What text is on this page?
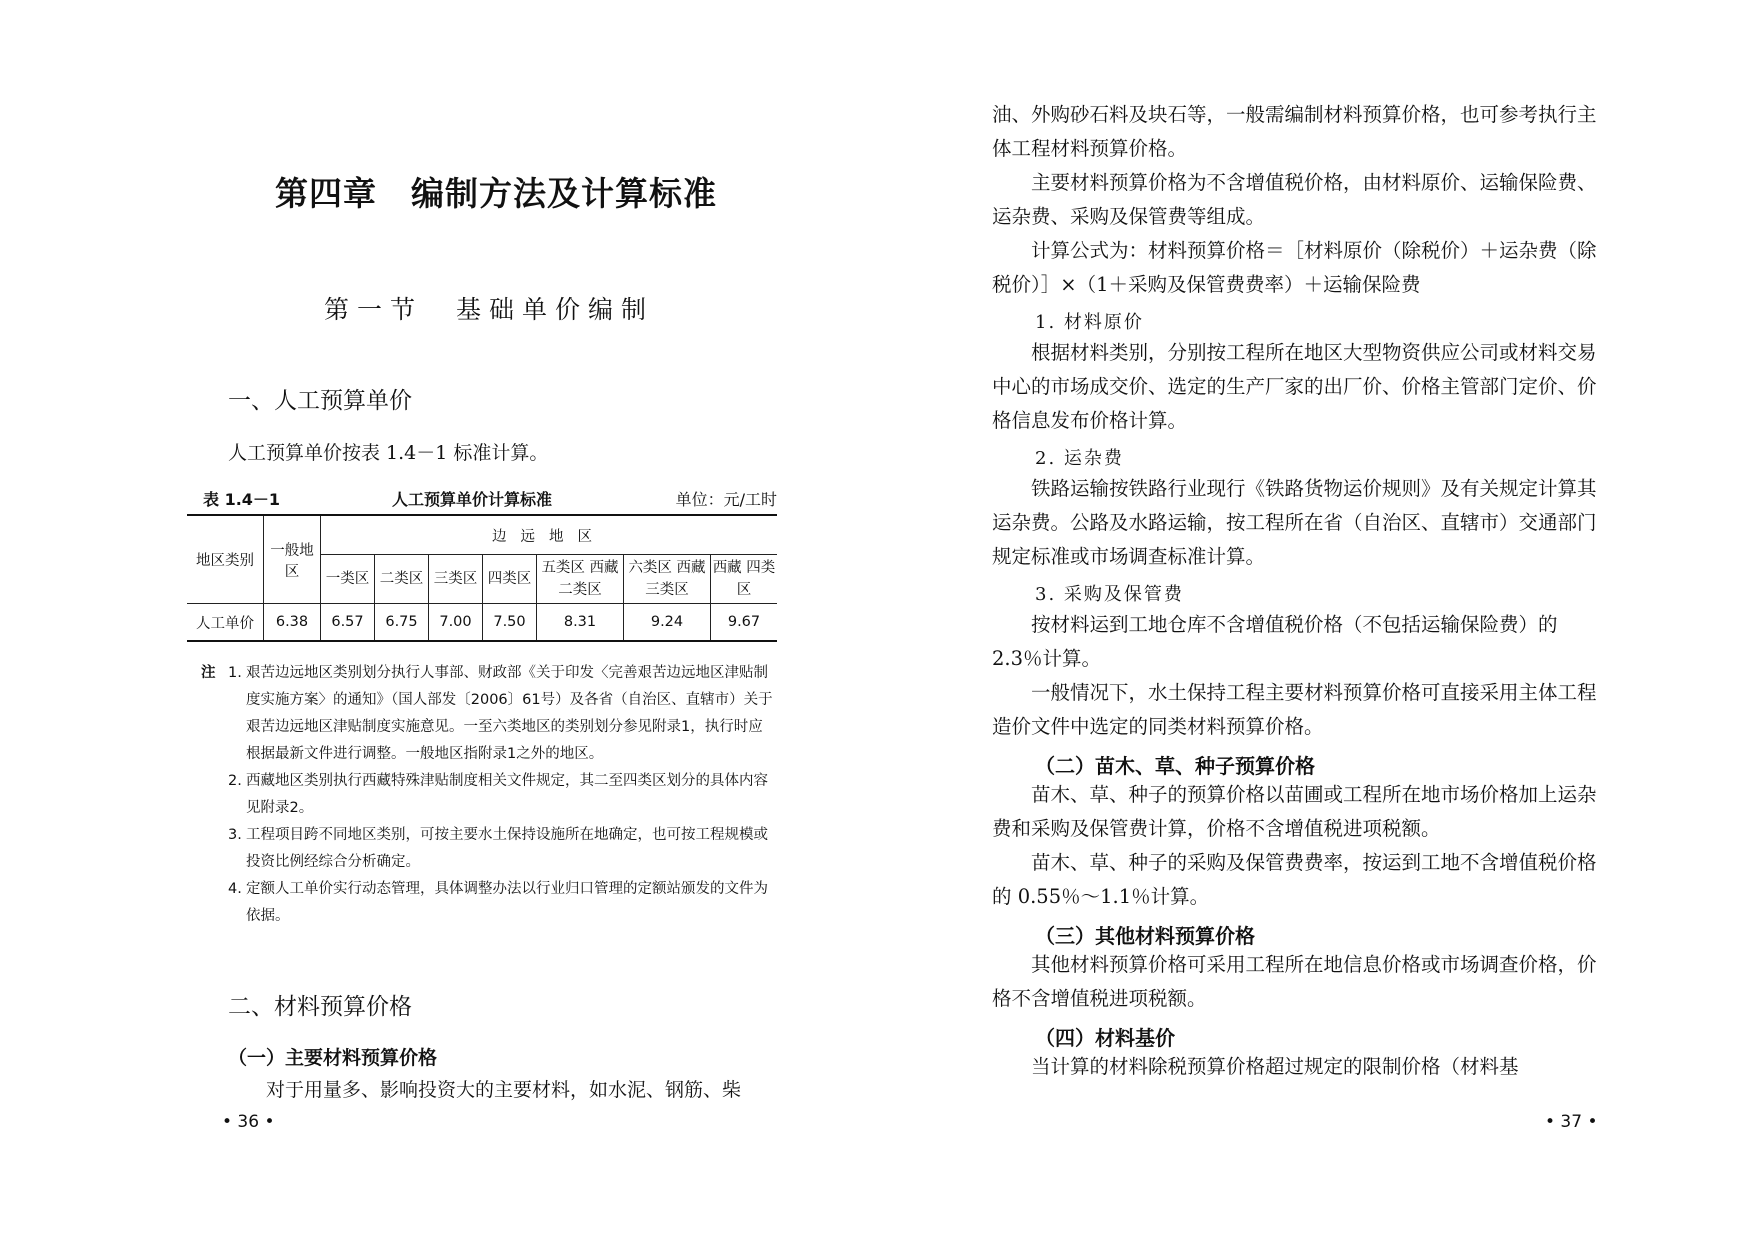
第四章　编制方法及计算标准
第一节　基础单价编制
一、人工预算单价
人工预算单价按表 1.4－1 标准计算。
表 1.4－1	人工预算单价计算标准	单位：元/工时
地区类别	一般地区	边远地区						
		一类区	二类区	三类区	四类区	五类区 西藏二类区	六类区 西藏三类区	西藏 四类区
人工单价	6.38	6.57	6.75	7.00	7.50	8.31	9.24	9.67
注 1. 艰苦边远地区类别划分执行人事部、财政部《关于印发〈完善艰苦边远地区津贴制度实施方案〉的通知》（国人部发〔2006〕61号）及各省（自治区、直辖市）关于艰苦边远地区津贴制度实施意见。一至六类地区的类别划分参见附录1，执行时应根据最新文件进行调整。一般地区指附录1之外的地区。
2. 西藏地区类别执行西藏特殊津贴制度相关文件规定，其二至四类区划分的具体内容见附录2。
3. 工程项目跨不同地区类别，可按主要水土保持设施所在地确定，也可按工程规模或投资比例经综合分析确定。
4. 定额人工单价实行动态管理，具体调整办法以行业归口管理的定额站颁发的文件为依据。
二、材料预算价格
（一）主要材料预算价格
对于用量多、影响投资大的主要材料，如水泥、钢筋、柴
• 36 •
油、外购砂石料及块石等，一般需编制材料预算价格，也可参考执行主体工程材料预算价格。
主要材料预算价格为不含增值税价格，由材料原价、运输保险费、运杂费、采购及保管费等组成。
计算公式为：材料预算价格＝［材料原价（除税价）＋运杂费（除税价）］×（1＋采购及保管费费率）＋运输保险费
1. 材料原价
根据材料类别，分别按工程所在地区大型物资供应公司或材料交易中心的市场成交价、选定的生产厂家的出厂价、价格主管部门定价、价格信息发布价格计算。
2. 运杂费
铁路运输按铁路行业现行《铁路货物运价规则》及有关规定计算其运杂费。公路及水路运输，按工程所在省（自治区、直辖市）交通部门规定标准或市场调查标准计算。
3. 采购及保管费
按材料运到工地仓库不含增值税价格（不包括运输保险费）的 2.3％计算。
一般情况下，水土保持工程主要材料预算价格可直接采用主体工程造价文件中选定的同类材料预算价格。
（二）苗木、草、种子预算价格
苗木、草、种子的预算价格以苗圃或工程所在地市场价格加上运杂费和采购及保管费计算，价格不含增值税进项税额。
苗木、草、种子的采购及保管费费率，按运到工地不含增值税价格的 0.55％～1.1％计算。
（三）其他材料预算价格
其他材料预算价格可采用工程所在地信息价格或市场调查价格，价格不含增值税进项税额。
（四）材料基价
当计算的材料除税预算价格超过规定的限制价格（材料基
• 37 •
